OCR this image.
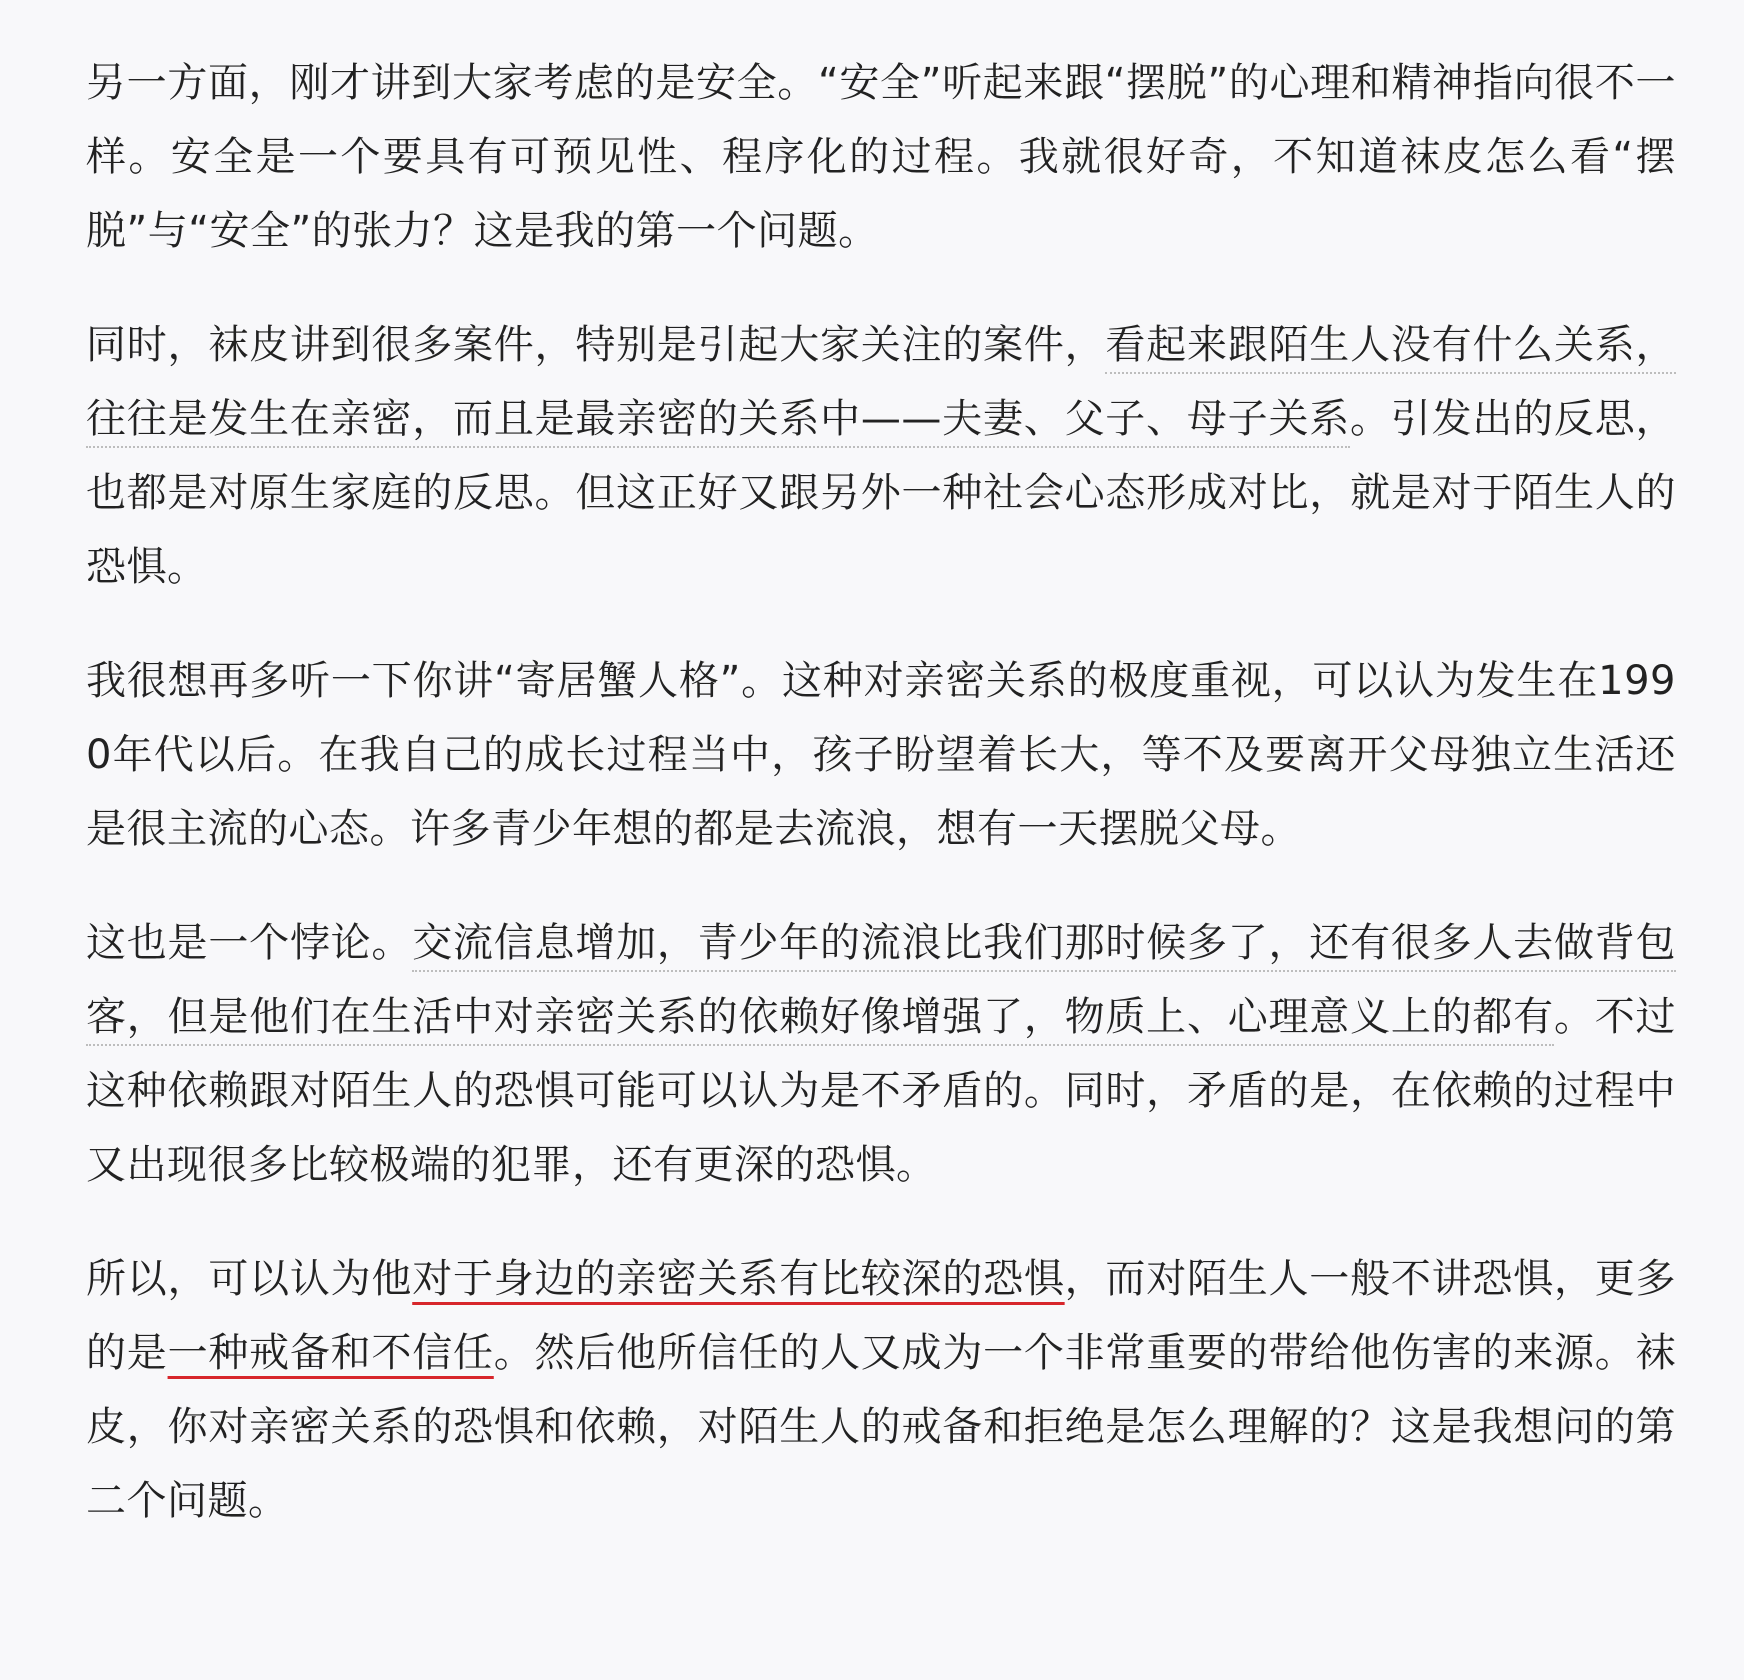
另一方面，刚才讲到大家考虑的是安全。“安全”听起来跟“摆脱”的心理和精神指向很不一样。安全是一个要具有可预见性、程序化的过程。我就很好奇，不知道袜皮怎么看“摆脱”与“安全”的张力？这是我的第一个问题。

同时，袜皮讲到很多案件，特别是引起大家关注的案件，看起来跟陌生人没有什么关系，往往是发生在亲密，而且是最亲密的关系中——夫妻、父子、母子关系。引发出的反思，也都是对原生家庭的反思。但这正好又跟另外一种社会心态形成对比，就是对于陌生人的恐惧。

我很想再多听一下你讲“寄居蟹人格”。这种对亲密关系的极度重视，可以认为发生在1990年代以后。在我自己的成长过程当中，孩子盼望着长大，等不及要离开父母独立生活还是很主流的心态。许多青少年想的都是去流浪，想有一天摆脱父母。

这也是一个悖论。交流信息增加，青少年的流浪比我们那时候多了，还有很多人去做背包客，但是他们在生活中对亲密关系的依赖好像增强了，物质上、心理意义上的都有。不过这种依赖跟对陌生人的恐惧可能可以认为是不矛盾的。同时，矛盾的是，在依赖的过程中又出现很多比较极端的犯罪，还有更深的恐惧。

所以，可以认为他对于身边的亲密关系有比较深的恐惧，而对陌生人一般不讲恐惧，更多的是一种戒备和不信任。然后他所信任的人又成为一个非常重要的带给他伤害的来源。袜皮，你对亲密关系的恐惧和依赖，对陌生人的戒备和拒绝是怎么理解的？这是我想问的第二个问题。
